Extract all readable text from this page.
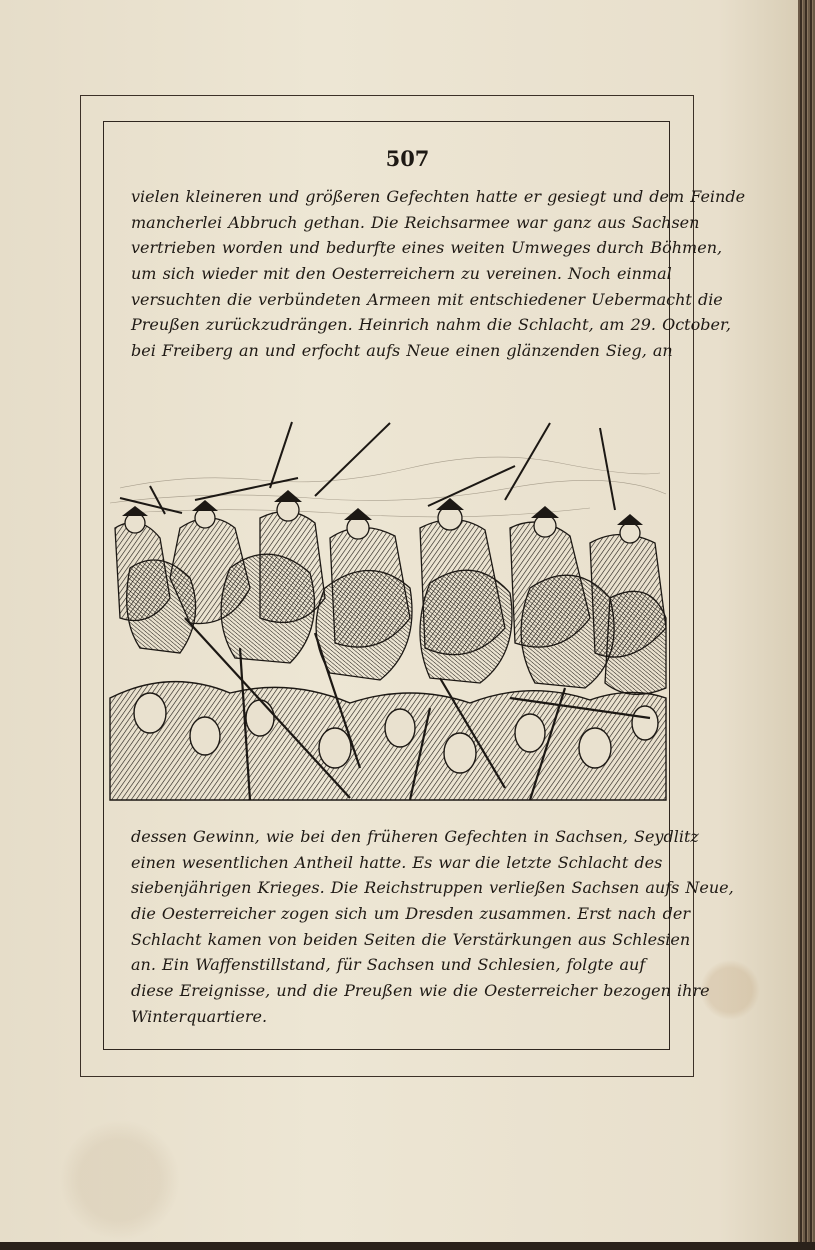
507
vielen kleineren und größeren Gefechten hatte er gesiegt und dem Feinde
mancherlei Abbruch gethan. Die Reichsarmee war ganz aus Sachsen
vertrieben worden und bedurfte eines weiten Umweges durch Böhmen,
um sich wieder mit den Oesterreichern zu vereinen. Noch einmal
versuchten die verbündeten Armeen mit entschiedener Uebermacht die
Preußen zurückzudrängen. Heinrich nahm die Schlacht, am 29. October,
bei Freiberg an und erfocht aufs Neue einen glänzenden Sieg, an
dessen Gewinn, wie bei den früheren Gefechten in Sachsen, Seydlitz
einen wesentlichen Antheil hatte. Es war die letzte Schlacht des
siebenjährigen Krieges. Die Reichstruppen verließen Sachsen aufs Neue,
die Oesterreicher zogen sich um Dresden zusammen. Erst nach der
Schlacht kamen von beiden Seiten die Verstärkungen aus Schlesien
an. Ein Waffenstillstand, für Sachsen und Schlesien, folgte auf
diese Ereignisse, und die Preußen wie die Oesterreicher bezogen ihre
Winterquartiere.
